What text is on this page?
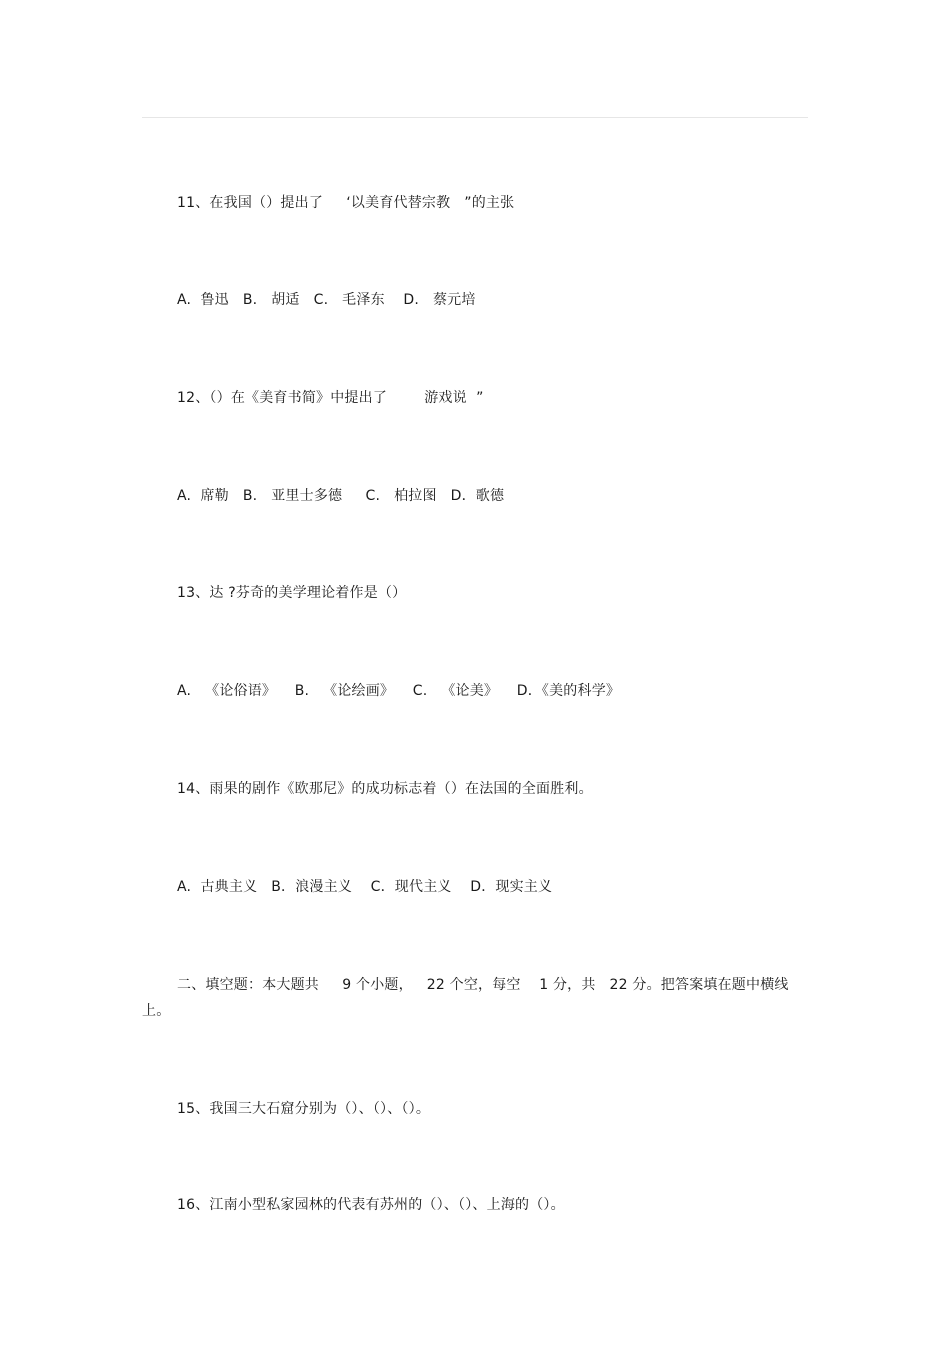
11、在我国（）提出了     ‘以美育代替宗教   ”的主张
A.  鲁迅   B.   胡适   C.   毛泽东    D.   蔡元培
12、（）在《美育书简》中提出了        游戏说  ”
A.  席勒   B.   亚里士多德     C.   柏拉图   D．歌德
13、达 ?芬奇的美学理论着作是（）
A.   《论俗语》    B.   《论绘画》    C.   《论美》    D．《美的科学》
14、雨果的剧作《欧那尼》的成功标志着（）在法国的全面胜利。
A.  古典主义   B．浪漫主义    C．现代主义    D．现实主义
二、填空题：本大题共     9 个小题，   22 个空，每空    1 分，共   22 分。把答案填在题中横线上。
15、我国三大石窟分别为（）、（）、（）。
16、江南小型私家园林的代表有苏州的（）、（）、上海的（）。
